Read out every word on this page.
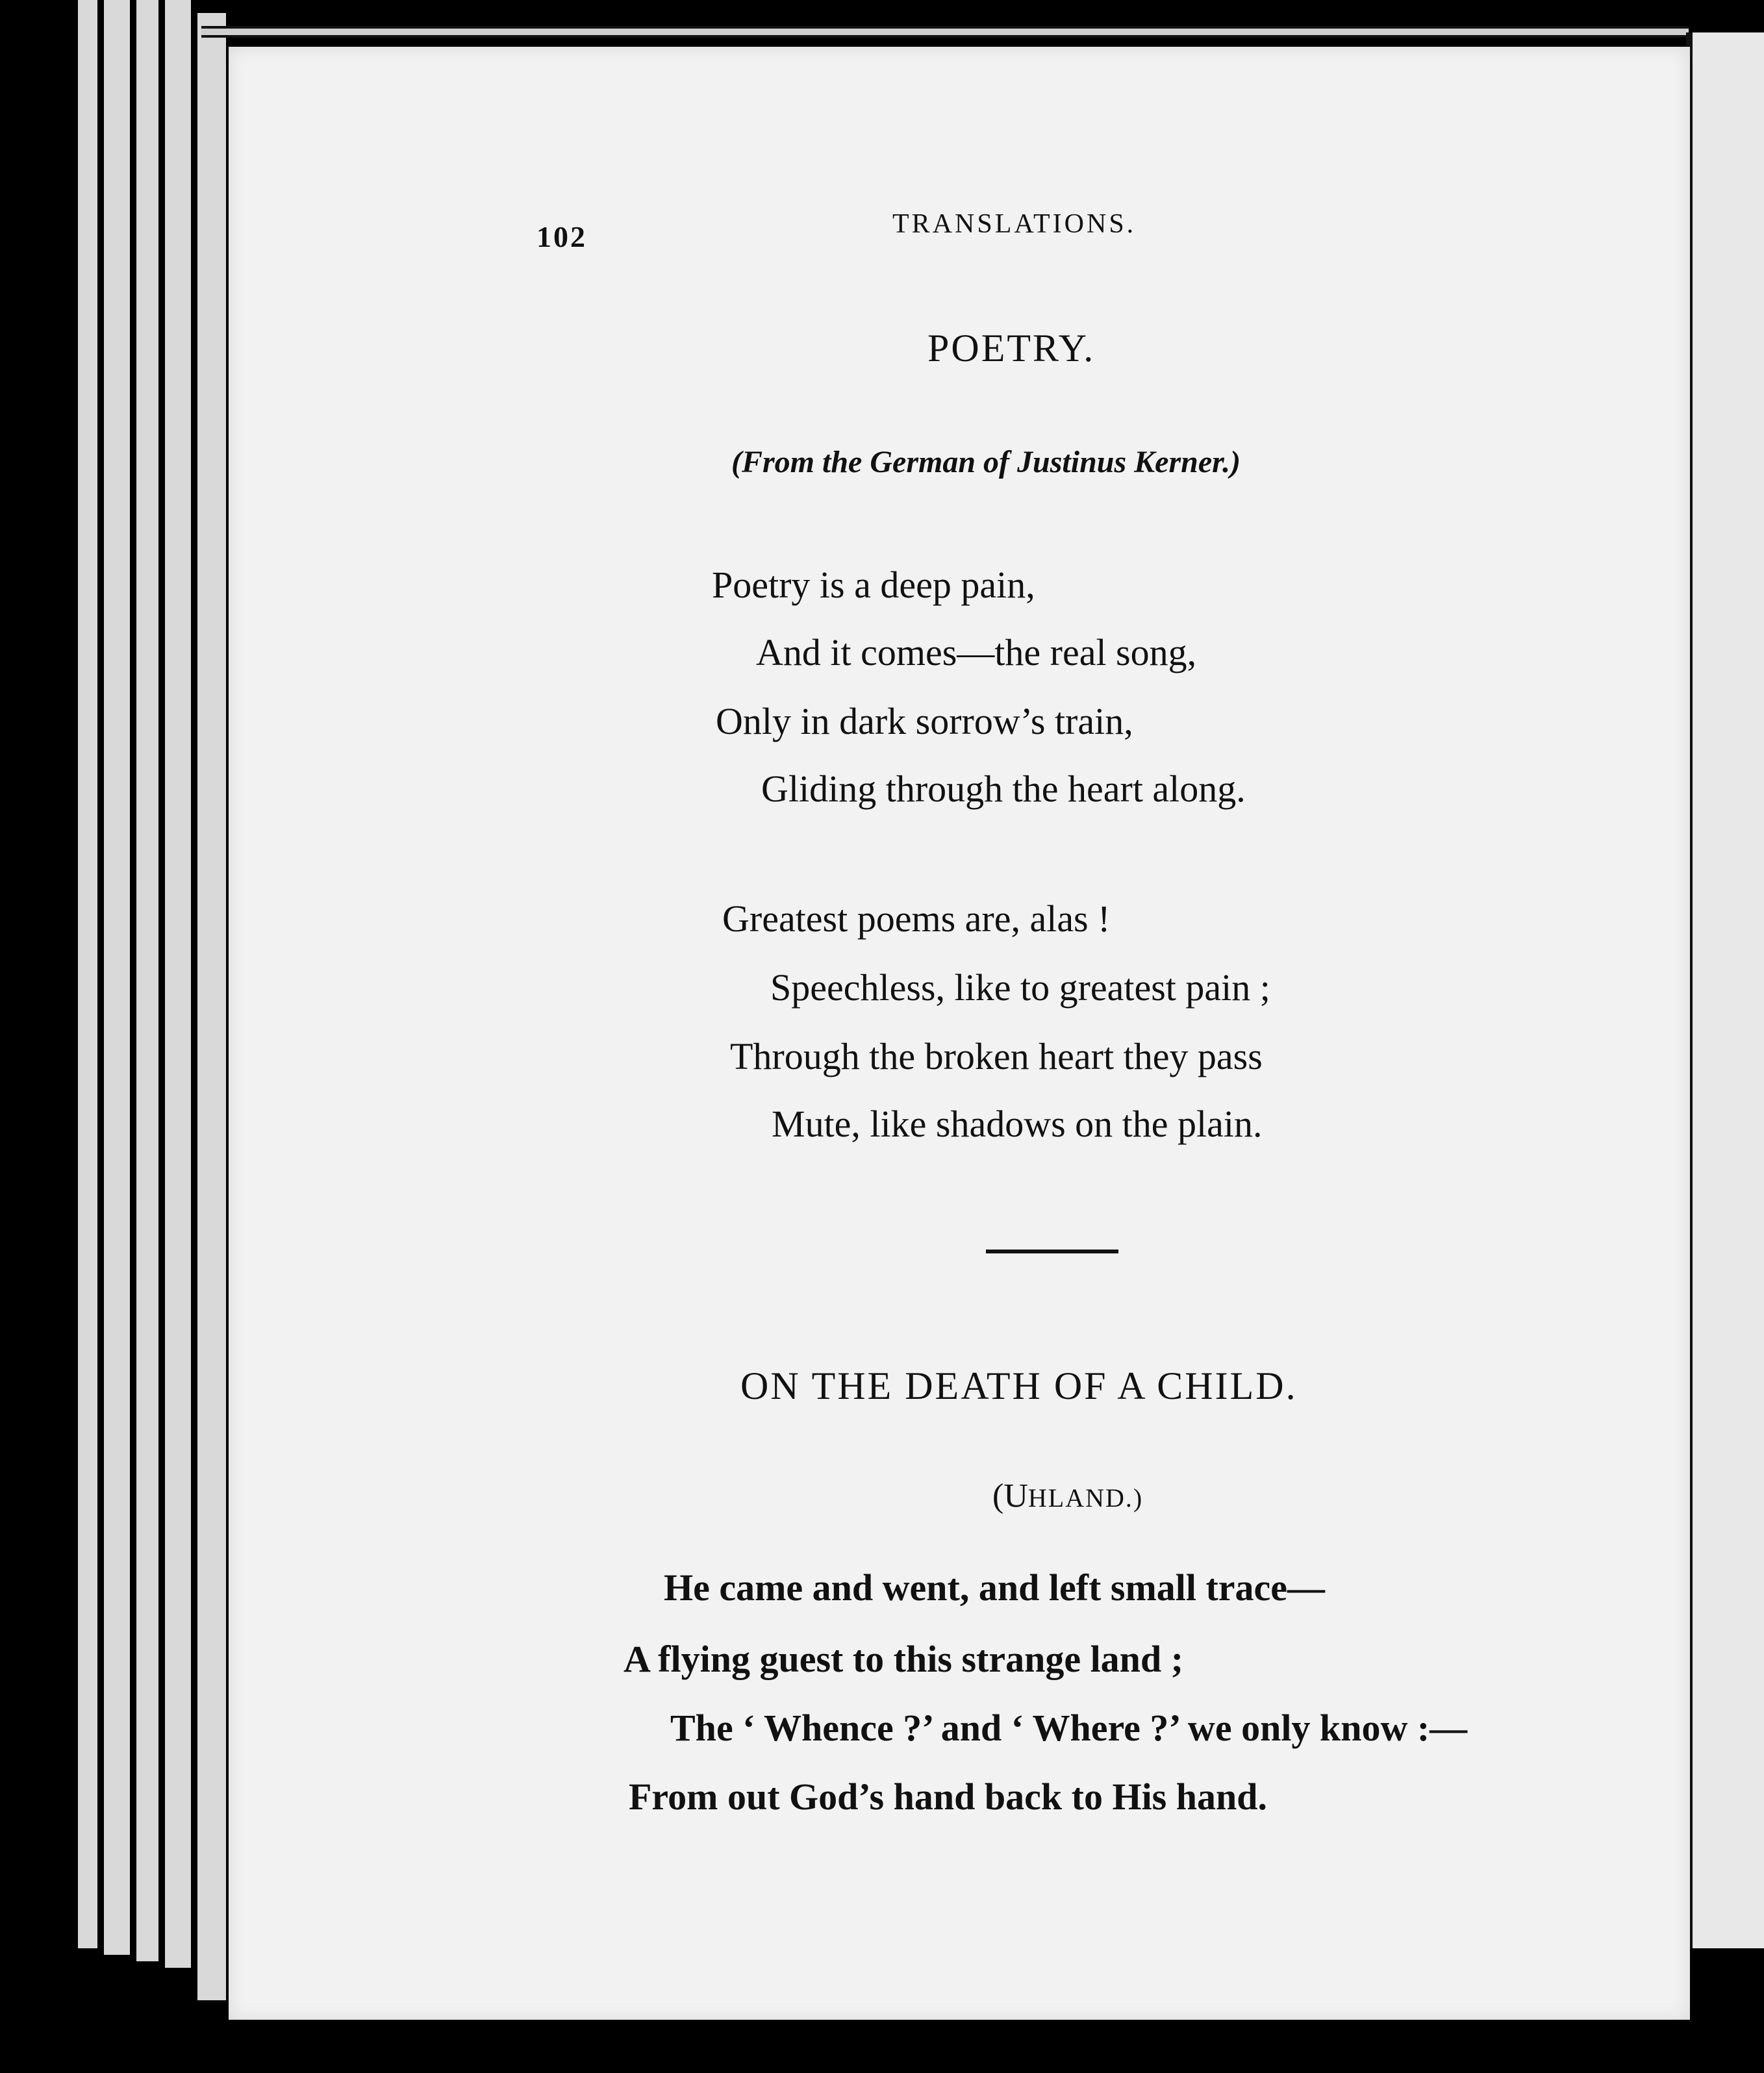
102	TRANSLATIONS.

POETRY.

(From the German of Justinus Kerner.)

Poetry is a deep pain,

And it comes—the real song,

Only in dark sorrow’s train,

Gliding through the heart along.

Greatest poems are, alas !

Speechless, like to greatest pain ;

Through the broken heart they pass

Mute, like shadows on the plain.

ON THE DEATH OF A CHILD.

(UHLAND.)

He came and went, and left small trace—

A flying guest to this strange land ;

The ‘ Whence ?’ and ‘ Where ?’ we only know :—

From out God’s hand back to His hand.
